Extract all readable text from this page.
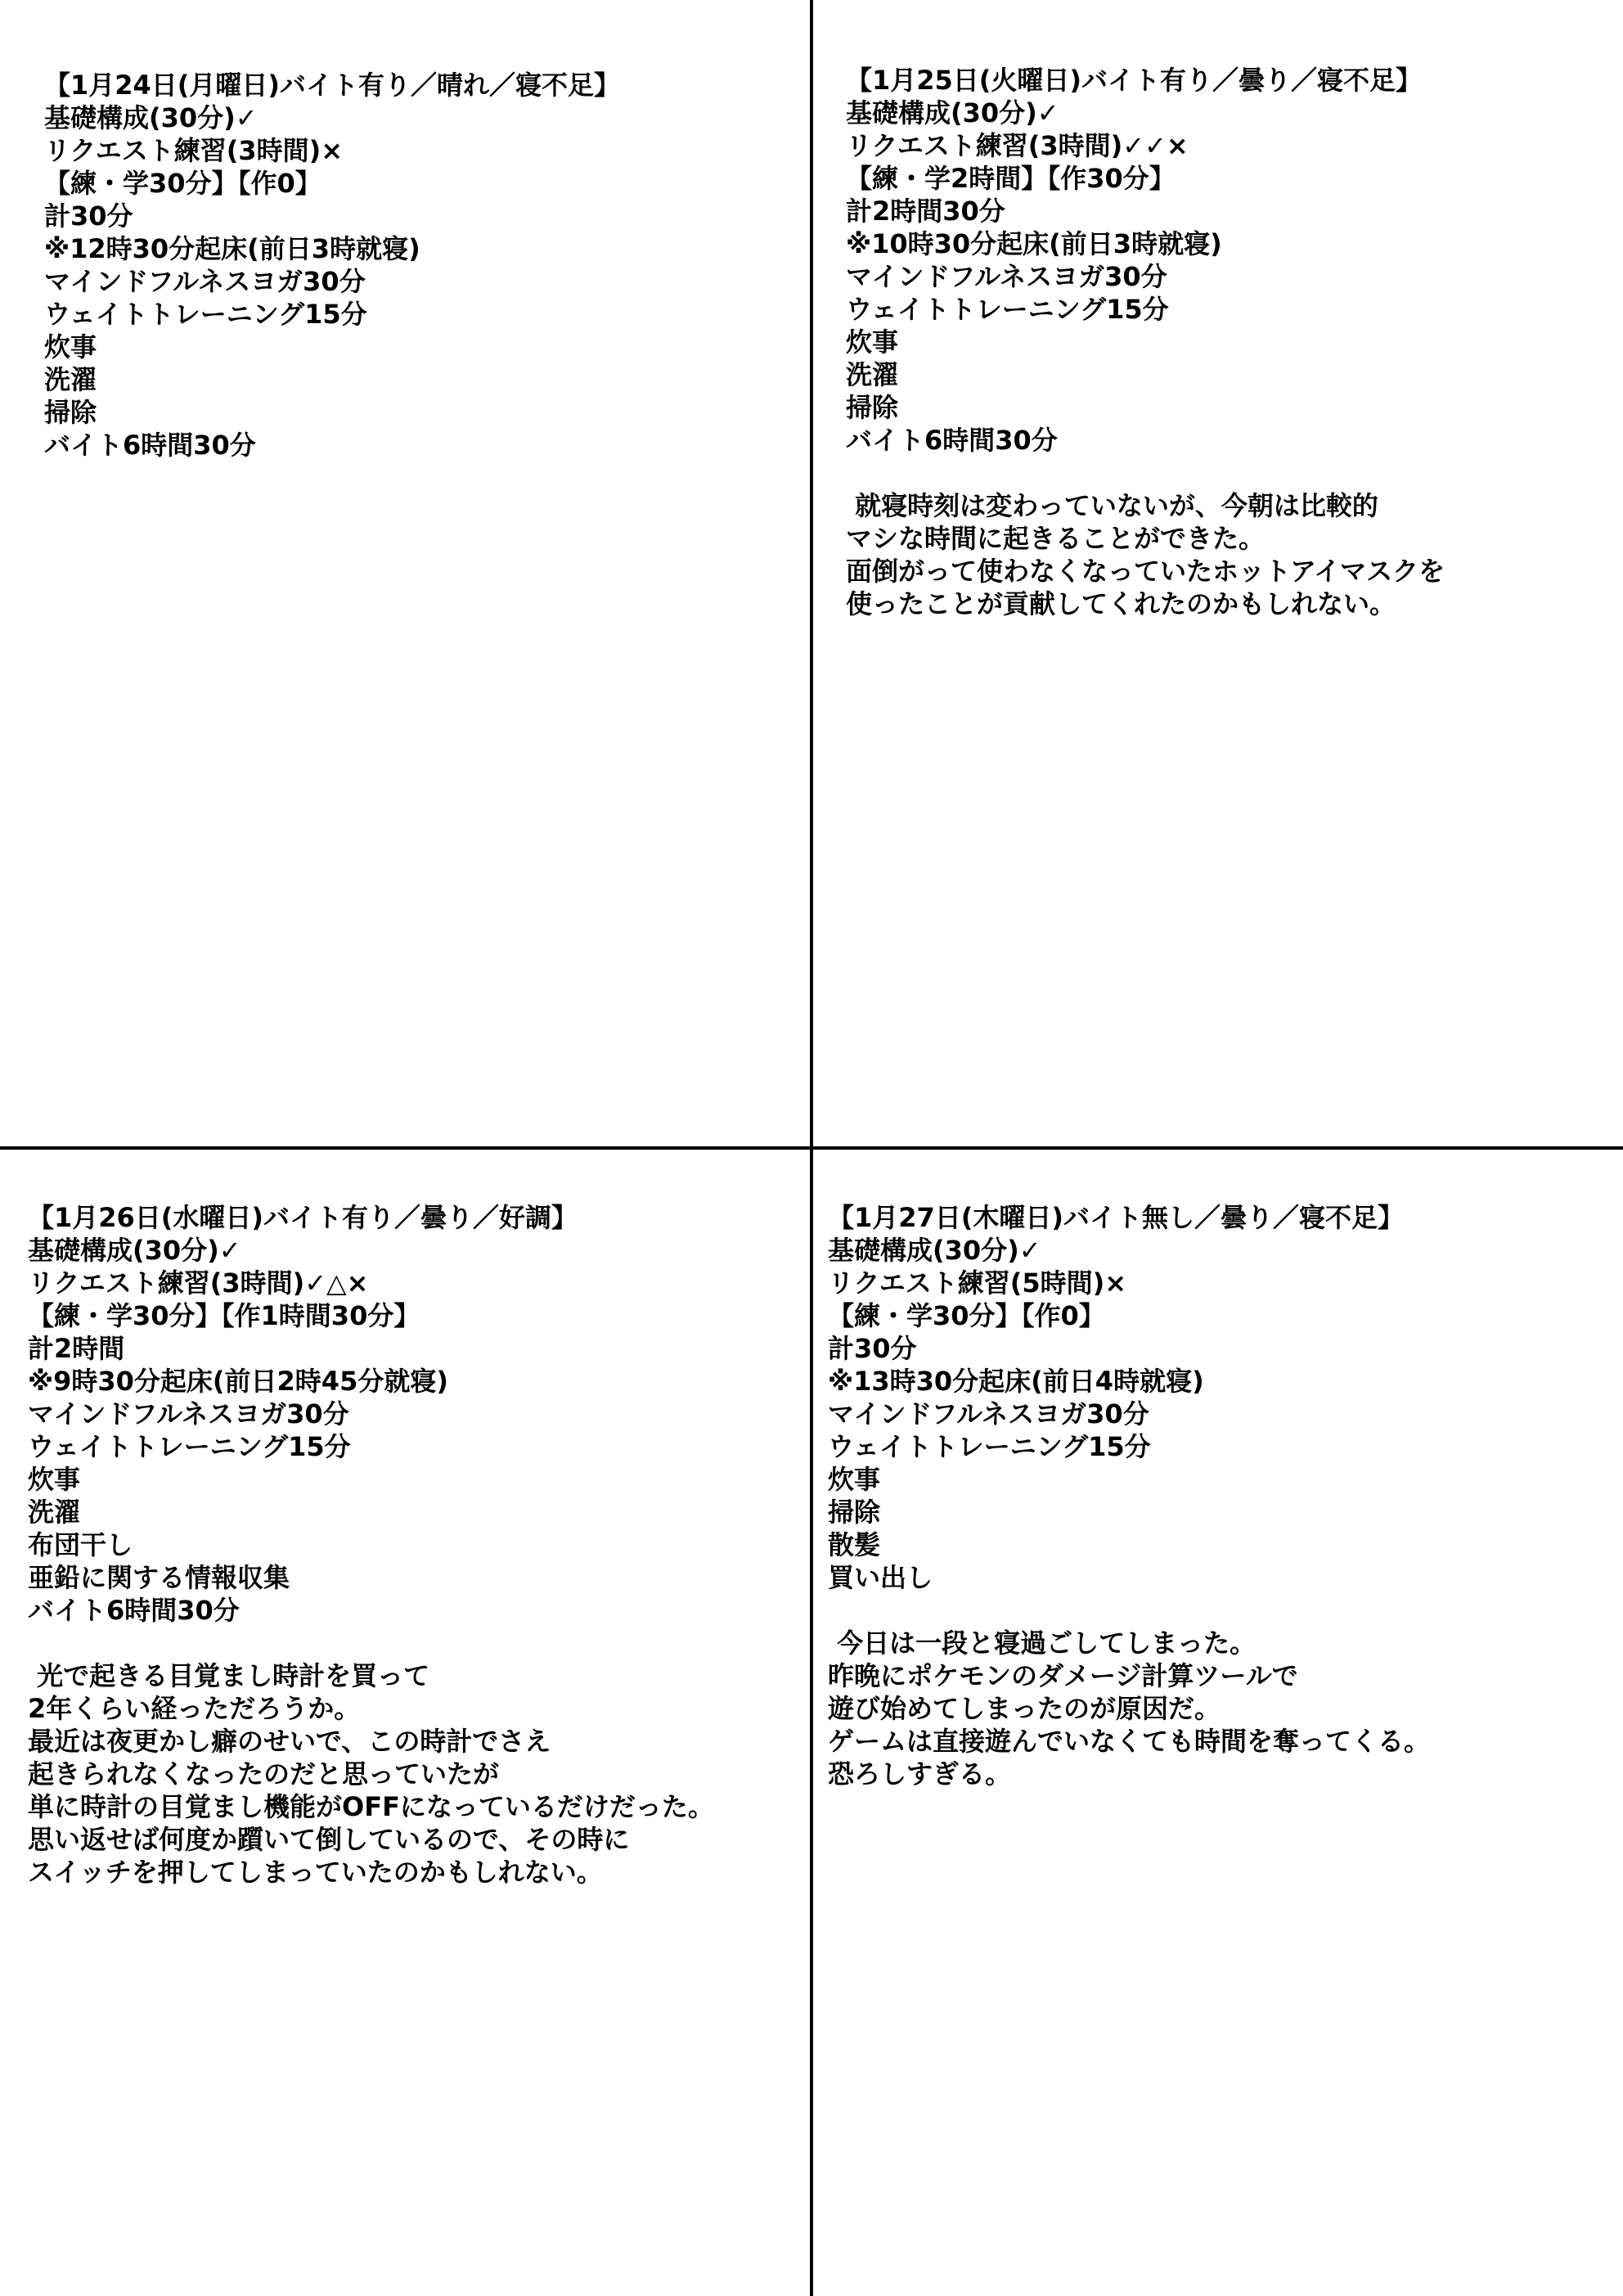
【1月24日(月曜日)バイト有り／晴れ／寝不足】
基礎構成(30分)✓
リクエスト練習(3時間)×
【練・学30分】【作0】
計30分
※12時30分起床(前日3時就寝)
マインドフルネスヨガ30分
ウェイトトレーニング15分
炊事
洗濯
掃除
バイト6時間30分
【1月25日(火曜日)バイト有り／曇り／寝不足】
基礎構成(30分)✓
リクエスト練習(3時間)✓✓×
【練・学2時間】【作30分】
計2時間30分
※10時30分起床(前日3時就寝)
マインドフルネスヨガ30分
ウェイトトレーニング15分
炊事
洗濯
掃除
バイト6時間30分
就寝時刻は変わっていないが、今朝は比較的
マシな時間に起きることができた。
面倒がって使わなくなっていたホットアイマスクを
使ったことが貢献してくれたのかもしれない。
【1月26日(水曜日)バイト有り／曇り／好調】
基礎構成(30分)✓
リクエスト練習(3時間)✓△×
【練・学30分】【作1時間30分】
計2時間
※9時30分起床(前日2時45分就寝)
マインドフルネスヨガ30分
ウェイトトレーニング15分
炊事
洗濯
布団干し
亜鉛に関する情報収集
バイト6時間30分
光で起きる目覚まし時計を買って
2年くらい経っただろうか。
最近は夜更かし癖のせいで、この時計でさえ
起きられなくなったのだと思っていたが
単に時計の目覚まし機能がOFFになっているだけだった。
思い返せば何度か躓いて倒しているので、その時に
スイッチを押してしまっていたのかもしれない。
【1月27日(木曜日)バイト無し／曇り／寝不足】
基礎構成(30分)✓
リクエスト練習(5時間)×
【練・学30分】【作0】
計30分
※13時30分起床(前日4時就寝)
マインドフルネスヨガ30分
ウェイトトレーニング15分
炊事
掃除
散髪
買い出し
今日は一段と寝過ごしてしまった。
昨晩にポケモンのダメージ計算ツールで
遊び始めてしまったのが原因だ。
ゲームは直接遊んでいなくても時間を奪ってくる。
恐ろしすぎる。
